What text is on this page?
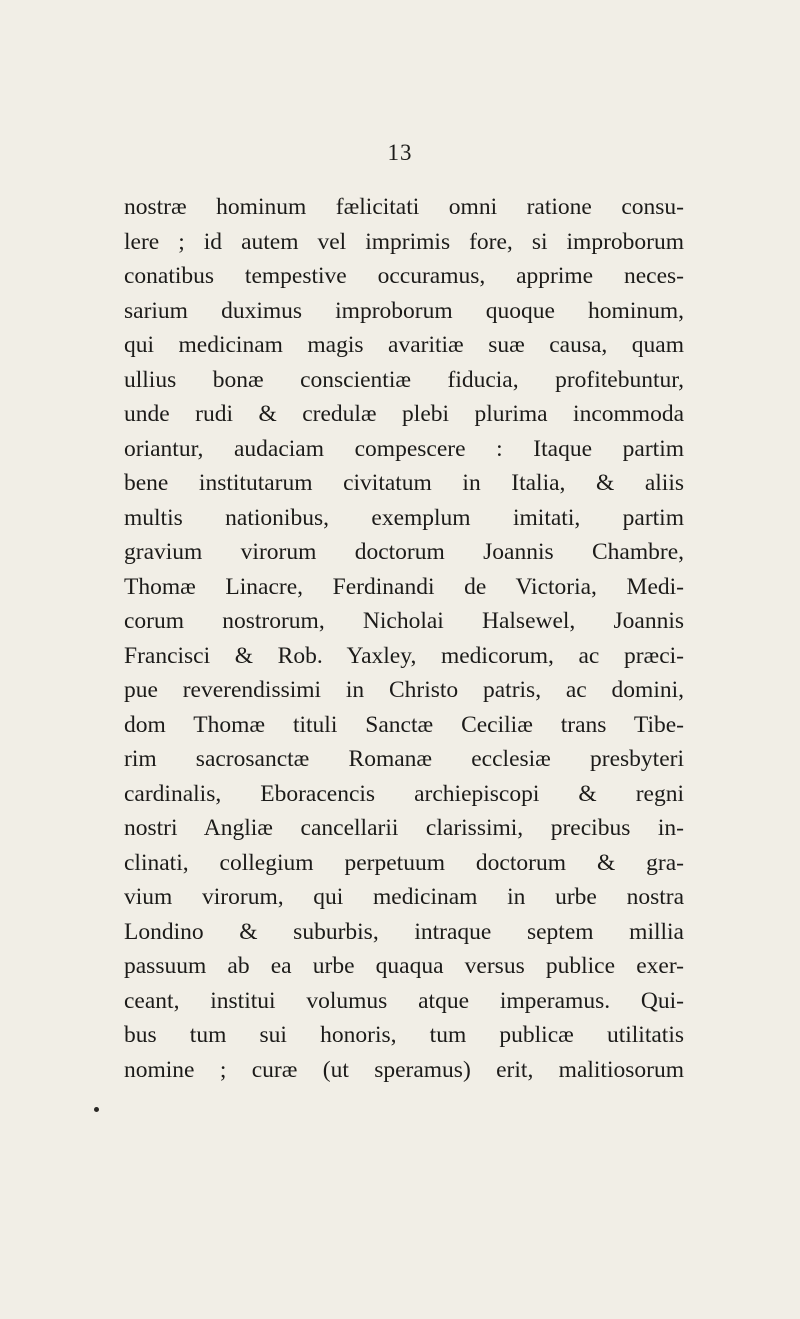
13
nostræ hominum fælicitati omni ratione consu-
lere ; id autem vel imprimis fore, si improborum
conatibus tempestive occuramus, apprime neces-
sarium duximus improborum quoque hominum,
qui medicinam magis avaritiæ suæ causa, quam
ullius bonæ conscientiæ fiducia, profitebuntur,
unde rudi & credulæ plebi plurima incommoda
oriantur, audaciam compescere : Itaque partim
bene institutarum civitatum in Italia, & aliis
multis nationibus, exemplum imitati, partim
gravium virorum doctorum Joannis Chambre,
Thomæ Linacre, Ferdinandi de Victoria, Medi-
corum nostrorum, Nicholai Halsewel, Joannis
Francisci & Rob. Yaxley, medicorum, ac præci-
pue reverendissimi in Christo patris, ac domini,
dom Thomæ tituli Sanctæ Ceciliæ trans Tibe-
rim sacrosanctæ Romanæ ecclesiæ presbyteri
cardinalis, Eboracencis archiepiscopi & regni
nostri Angliæ cancellarii clarissimi, precibus in-
clinati, collegium perpetuum doctorum & gra-
vium virorum, qui medicinam in urbe nostra
Londino & suburbis, intraque septem millia
passuum ab ea urbe quaqua versus publice exer-
ceant, institui volumus atque imperamus. Qui-
bus tum sui honoris, tum publicæ utilitatis
nomine ; curæ (ut speramus) erit, malitiosorum
